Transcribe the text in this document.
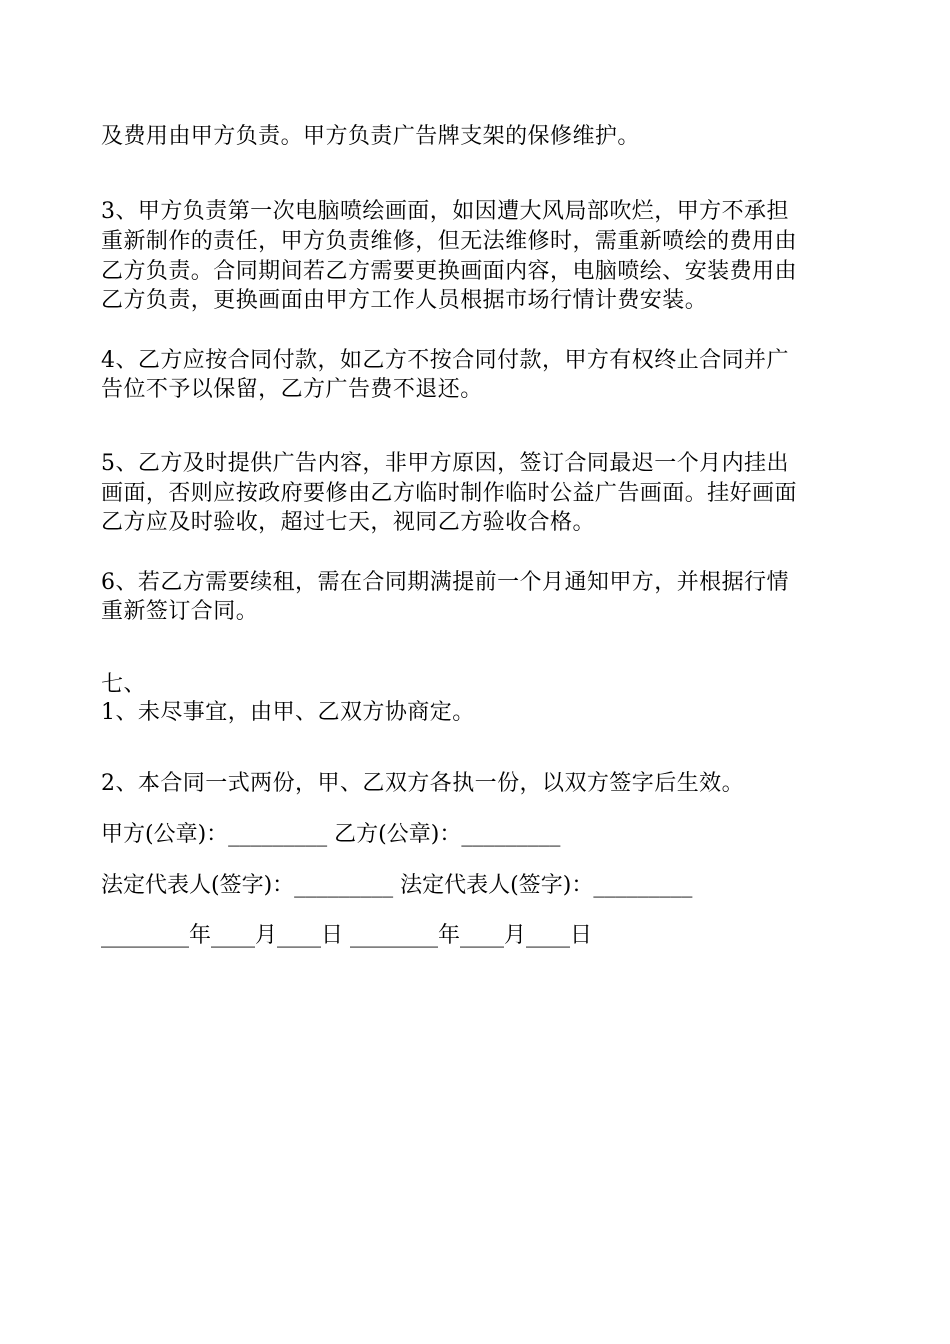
及费用由甲方负责。甲方负责广告牌支架的保修维护。
3、甲方负责第一次电脑喷绘画面，如因遭大风局部吹烂，甲方不承担
重新制作的责任，甲方负责维修，但无法维修时，需重新喷绘的费用由
乙方负责。合同期间若乙方需要更换画面内容，电脑喷绘、安装费用由
乙方负责，更换画面由甲方工作人员根据市场行情计费安装。
4、乙方应按合同付款，如乙方不按合同付款，甲方有权终止合同并广
告位不予以保留，乙方广告费不退还。
5、乙方及时提供广告内容，非甲方原因，签订合同最迟一个月内挂出
画面，否则应按政府要修由乙方临时制作临时公益广告画面。挂好画面
乙方应及时验收，超过七天，视同乙方验收合格。
6、若乙方需要续租，需在合同期满提前一个月通知甲方，并根据行情
重新签订合同。
七、
1、未尽事宜，由甲、乙双方协商定。
2、本合同一式两份，甲、乙双方各执一份，以双方签字后生效。
甲方(公章)：_________ 乙方(公章)：_________
法定代表人(签字)：_________ 法定代表人(签字)：_________
________年____月____日 ________年____月____日
